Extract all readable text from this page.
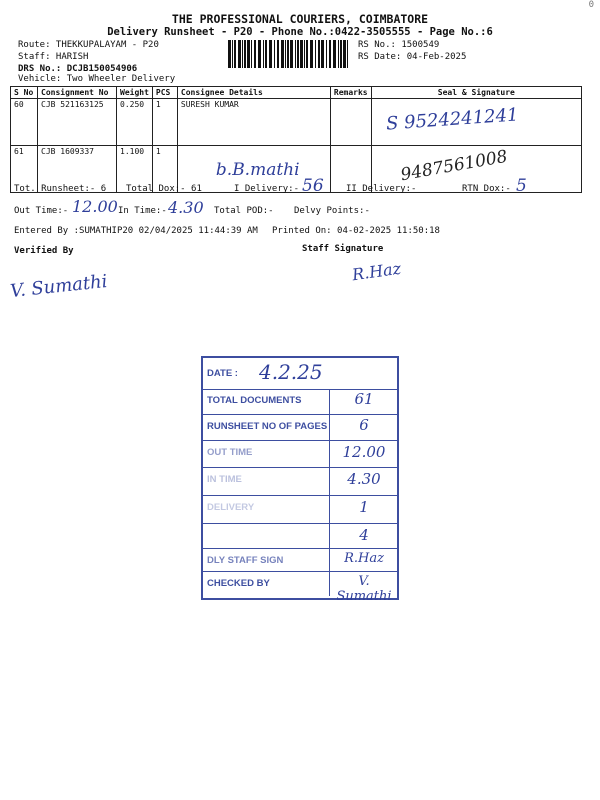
0
THE PROFESSIONAL COURIERS, COIMBATORE
Delivery Runsheet - P20 - Phone No.:0422-3505555 - Page No.:6
Route: THEKKUPALAYAM - P20
Staff: HARISH
DRS No.: DCJB150054906
Vehicle: Two Wheeler Delivery
RS No.: 1500549
RS Date: 04-Feb-2025
S No	Consignment No	Weight	PCS	Consignee Details	Remarks	Seal & Signature
60	CJB 521163125	0.250	1	SURESH KUMAR		S 9524241241

61	CJB 1609337	1.100	1	b.B.mathi		9487561008
Tot. Runsheet:- 6 Total Dox:- 61	I Delivery:- 56 II Delivery:-	RTN Dox:- 5
Out Time:- 12.00 In Time:- 4.30 Total POD:- Delvy Points:-
Entered By :SUMATHIP20 02/04/2025 11:44:39 AM Printed On: 04-02-2025 11:50:18
Verified By	Staff Signature
V. Sumathi	R.Haz
DATE : 4.2.25
TOTAL DOCUMENTS	61
RUNSHEET NO OF PAGES	6
OUT TIME	12.00
IN TIME	4.30
DELIVERY	1
4
DLY STAFF SIGN	R.Haz
CHECKED BY	V. Sumathi
